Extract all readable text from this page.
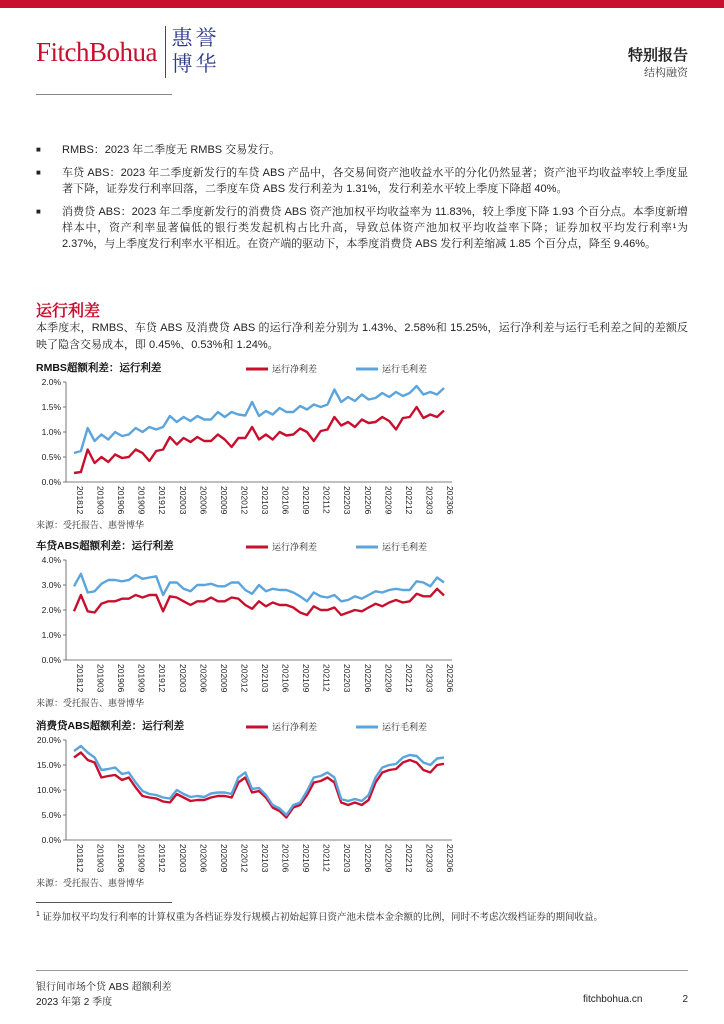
FitchBohua 惠 誉
博 华	特别报告
结构融资
■	RMBS：2023 年二季度无 RMBS 交易发行。
■	车贷 ABS：2023 年二季度新发行的车贷 ABS 产品中，各交易间资产池收益水平的分化仍然显著；资产池平均收益率较上季度显著下降，证券发行利率回落，二季度车贷 ABS 发行利差为 1.31%，发行利差水平较上季度下降超 40%。
■	消费贷 ABS：2023 年二季度新发行的消费贷 ABS 资产池加权平均收益率为 11.83%，较上季度下降 1.93 个百分点。本季度新增样本中，资产利率显著偏低的银行类发起机构占比升高，导致总体资产池加权平均收益率下降；证券加权平均发行利率¹为 2.37%，与上季度发行利率水平相近。在资产端的驱动下，本季度消费贷 ABS 发行利差缩减 1.85 个百分点，降至 9.46%。
运行利差
本季度末，RMBS、车贷 ABS 及消费贷 ABS 的运行净利差分别为 1.43%、2.58%和 15.25%，运行净利差与运行毛利差之间的差额反映了隐含交易成本，即 0.45%、0.53%和 1.24%。
运行净利差	运行毛利差
0.0%
0.5%
1.0%
1.5%
2.0%
201812 201903 201906 201909 201912 202003 202006 202009 202012 202103 202106 202109 202112 202203 202206 202209 202212 202303 202306
RMBS超额利差：运行利差
来源：受托报告、惠誉博华
运行净利差	运行毛利差
0.0%
1.0%
2.0%
3.0%
4.0%
201812 201903 201906 201909 201912 202003 202006 202009 202012 202103 202106 202109 202112 202203 202206 202209 202212 202303 202306
车贷ABS超额利差：运行利差
来源：受托报告、惠誉博华
运行净利差	运行毛利差
0.0%
5.0%
10.0%
15.0%
20.0%
201812 201903 201906 201909 201912 202003 202006 202009 202012 202103 202106 202109 202112 202203 202206 202209 202212 202303 202306
消费贷ABS超额利差：运行利差
来源：受托报告、惠誉博华
$^1$ 证券加权平均发行利率的计算权重为各档证券发行规模占初始起算日资产池未偿本金余额的比例，同时不考虑次级档证券的期间收益。
银行间市场个贷 ABS 超额利差
2023 年第 2 季度	fitchbohua.cn	2
